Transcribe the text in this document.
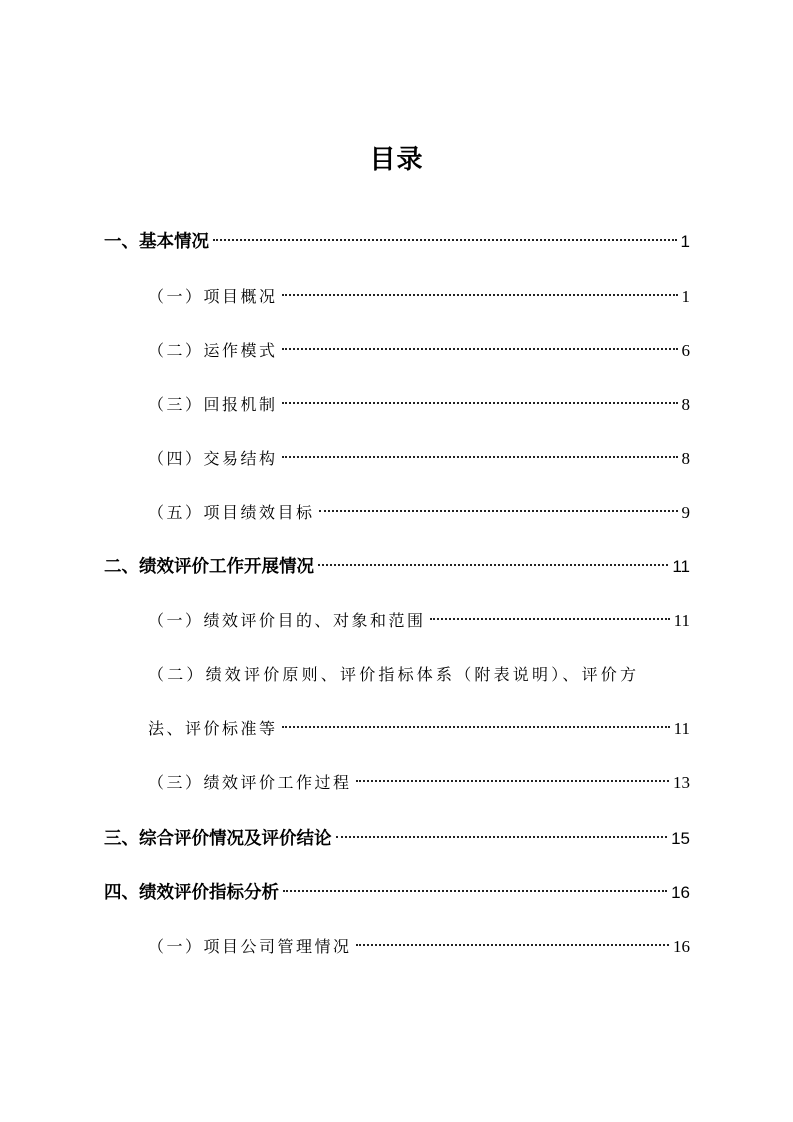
目录
一、基本情况	1
（一）项目概况	1
（二）运作模式	6
（三）回报机制	8
（四）交易结构	8
（五）项目绩效目标	9
二、绩效评价工作开展情况	11
（一）绩效评价目的、对象和范围	11
（二）绩效评价原则、评价指标体系（附表说明）、评价方
法、评价标准等	11
（三）绩效评价工作过程	13
三、综合评价情况及评价结论	15
四、绩效评价指标分析	16
（一）项目公司管理情况	16
